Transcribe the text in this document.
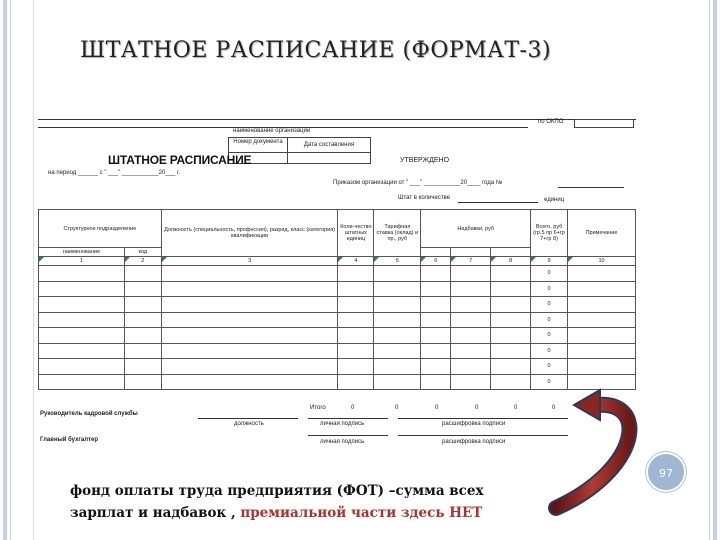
ШТАТНОЕ РАСПИСАНИЕ (ФОРМАТ-3)
по ОКПО
наименование организации
Номер документа	Дата составления
ШТАТНОЕ РАСПИСАНИЕ	УТВЕРЖДЕНО
на период ______ с " ___" ___________20___ г.
Приказом организации от " ___" ___________20____ года №
Штат в количестве	единиц
Структурное подразделение		Должность (специальность, профессия), разряд, класс (категория) квалификации	Коли-чество штатных единиц	Тарифная ставка (оклад) и пр., руб	Надбавки, руб			Всего, руб (гр.5 пр 6+гр 7+гр 8)	Примечание
наименование	код								

1	2	3	4	5	6	7	8	9	10
								0	
								0	
								0	
								0	
								0	
								0	
								0	
								0	
Итого	0	0	0	0	0	0
Руководитель кадровой службы
должность	личная подпись	расшифровка подписи
Главный бухгалтер	личная подпись	расшифровка подписи
фонд оплаты труда предприятия (ФОТ) –сумма всех
зарплат и надбавок , премиальной части здесь НЕТ
97
